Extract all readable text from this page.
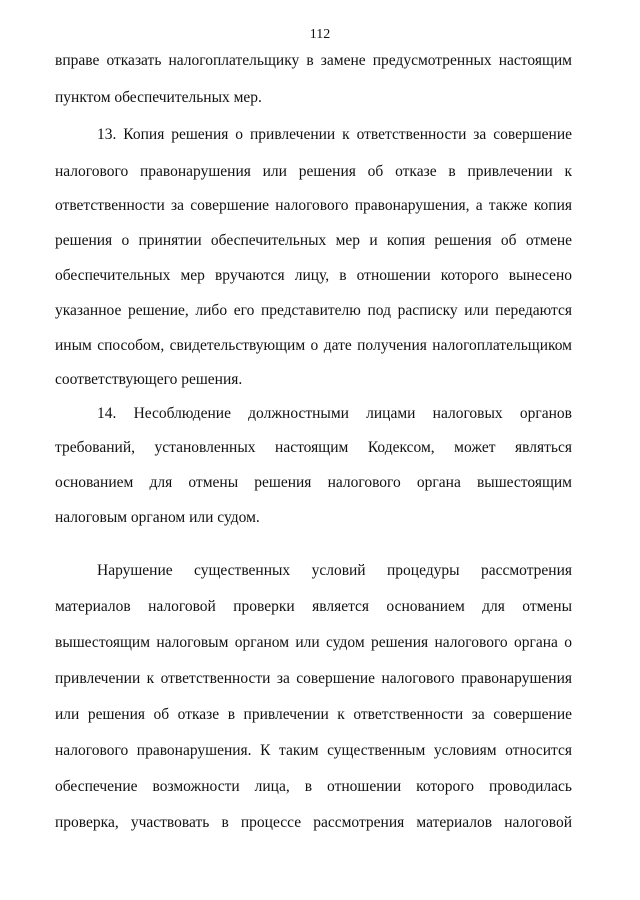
112
вправе отказать налогоплательщику в замене предусмотренных настоящим
пунктом обеспечительных мер.
13. Копия решения о привлечении к ответственности за совершение
налогового правонарушения или решения об отказе в привлечении к
ответственности за совершение налогового правонарушения, а также копия
решения о принятии обеспечительных мер и копия решения об отмене
обеспечительных мер вручаются лицу, в отношении которого вынесено
указанное решение, либо его представителю под расписку или передаются
иным способом, свидетельствующим о дате получения налогоплательщиком
соответствующего решения.
14. Несоблюдение должностными лицами налоговых органов
требований, установленных настоящим Кодексом, может являться
основанием для отмены решения налогового органа вышестоящим
налоговым органом или судом.
Нарушение существенных условий процедуры рассмотрения
материалов налоговой проверки является основанием для отмены
вышестоящим налоговым органом или судом решения налогового органа о
привлечении к ответственности за совершение налогового правонарушения
или решения об отказе в привлечении к ответственности за совершение
налогового правонарушения. К таким существенным условиям относится
обеспечение возможности лица, в отношении которого проводилась
проверка, участвовать в процессе рассмотрения материалов налоговой
